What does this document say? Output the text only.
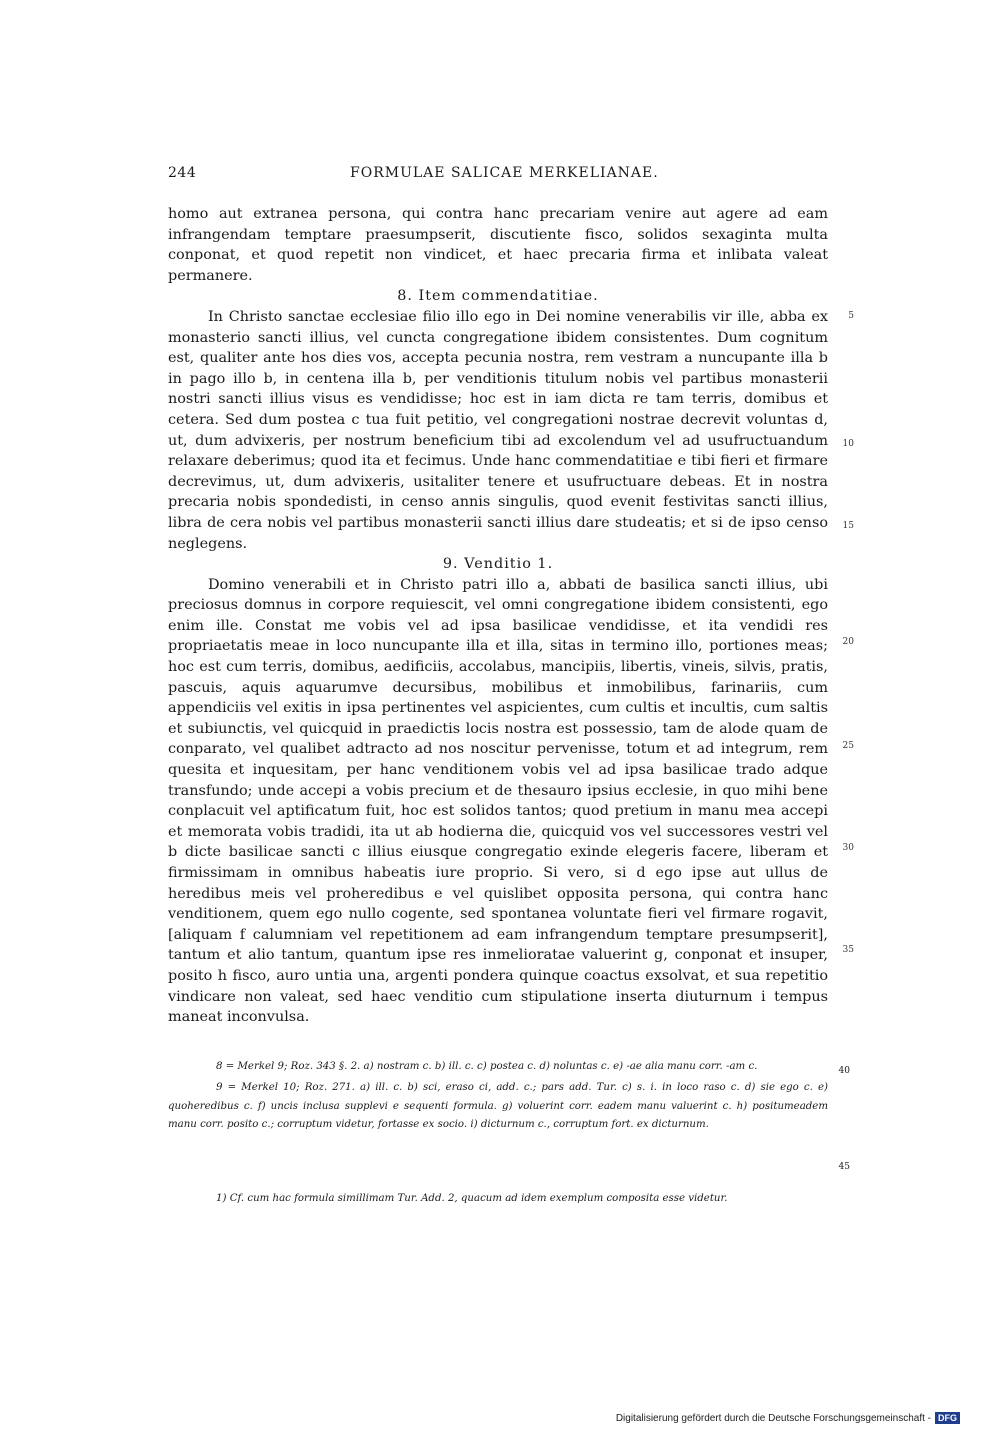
244	FORMULAE SALICAE MERKELIANAE.

homo aut extranea persona, qui contra hanc precariam venire aut agere ad eam infrangendam temptare praesumpserit, discutiente fisco, solidos sexaginta multa conponat, et quod repetit non vindicet, et haec precaria firma et inlibata valeat permanere.

8. Item commendatitiae.

In Christo sanctae ecclesiae filio illo ego in Dei nomine venerabilis vir ille, abba ex monasterio sancti illius, vel cuncta congregatione ibidem consistentes. Dum cognitum est, qualiter ante hos dies vos, accepta pecunia nostra, rem vestram a nuncupante illa b in pago illo b, in centena illa b, per venditionis titulum nobis vel partibus monasterii nostri sancti illius visus es vendidisse; hoc est in iam dicta re tam terris, domibus et cetera. Sed dum postea c tua fuit petitio, vel congregationi nostrae decrevit voluntas d, ut, dum advixeris, per nostrum beneficium tibi ad excolendum vel ad usufructuandum relaxare deberimus; quod ita et fecimus. Unde hanc commendatitiae e tibi fieri et firmare decrevimus, ut, dum advixeris, usitaliter tenere et usufructuare debeas. Et in nostra precaria nobis spondedisti, in censo annis singulis, quod evenit festivitas sancti illius, libra de cera nobis vel partibus monasterii sancti illius dare studeatis; et si de ipso censo neglegens.

9. Venditio 1.

Domino venerabili et in Christo patri illo a, abbati de basilica sancti illius, ubi preciosus domnus in corpore requiescit, vel omni congregatione ibidem consistenti, ego enim ille. Constat me vobis vel ad ipsa basilicae vendidisse, et ita vendidi res propriaetatis meae in loco nuncupante illa et illa, sitas in termino illo, portiones meas; hoc est cum terris, domibus, aedificiis, accolabus, mancipiis, libertis, vineis, silvis, pratis, pascuis, aquis aquarumve decursibus, mobilibus et inmobilibus, farinariis, cum appendiciis vel exitis in ipsa pertinentes vel aspicientes, cum cultis et incultis, cum saltis et subiunctis, vel quicquid in praedictis locis nostra est possessio, tam de alode quam de conparato, vel qualibet adtracto ad nos noscitur pervenisse, totum et ad integrum, rem quesita et inquesitam, per hanc venditionem vobis vel ad ipsa basilicae trado adque transfundo; unde accepi a vobis precium et de thesauro ipsius ecclesie, in quo mihi bene conplacuit vel aptificatum fuit, hoc est solidos tantos; quod pretium in manu mea accepi et memorata vobis tradidi, ita ut ab hodierna die, quicquid vos vel successores vestri vel b dicte basilicae sancti c illius eiusque congregatio exinde elegeris facere, liberam et firmissimam in omnibus habeatis iure proprio. Si vero, si d ego ipse aut ullus de heredibus meis vel proheredibus e vel quislibet opposita persona, qui contra hanc venditionem, quem ego nullo cogente, sed spontanea voluntate fieri vel firmare rogavit, [aliquam f calumniam vel repetitionem ad eam infrangendum temptare presumpserit], tantum et alio tantum, quantum ipse res inmelioratae valuerint g, conponat et insuper, posito h fisco, auro untia una, argenti pondera quinque coactus exsolvat, et sua repetitio vindicare non valeat, sed haec venditio cum stipulatione inserta diuturnum i tempus maneat inconvulsa.

5
10
15
20
25
30
35

8 = Merkel 9; Roz. 343 §. 2. a) nostram c. b) ill. c. c) postea c. d) noluntas c. e) -ae alia manu corr. -am c.

9 = Merkel 10; Roz. 271. a) ill. c. b) sci, eraso ci, add. c.; pars add. Tur. c) s. i. in loco raso c. d) sie ego c. e) quoheredibus c. f) uncis inclusa supplevi e sequenti formula. g) voluerint corr. eadem manu valuerint c. h) positumeadem manu corr. posito c.; corruptum videtur, fortasse ex socio. i) dicturnum c., corruptum fort. ex dicturnum.

40
45
1) Cf. cum hac formula simillimam Tur. Add. 2, quacum ad idem exemplum composita esse videtur.
Digitalisierung gefördert durch die Deutsche Forschungsgemeinschaft - DFG
